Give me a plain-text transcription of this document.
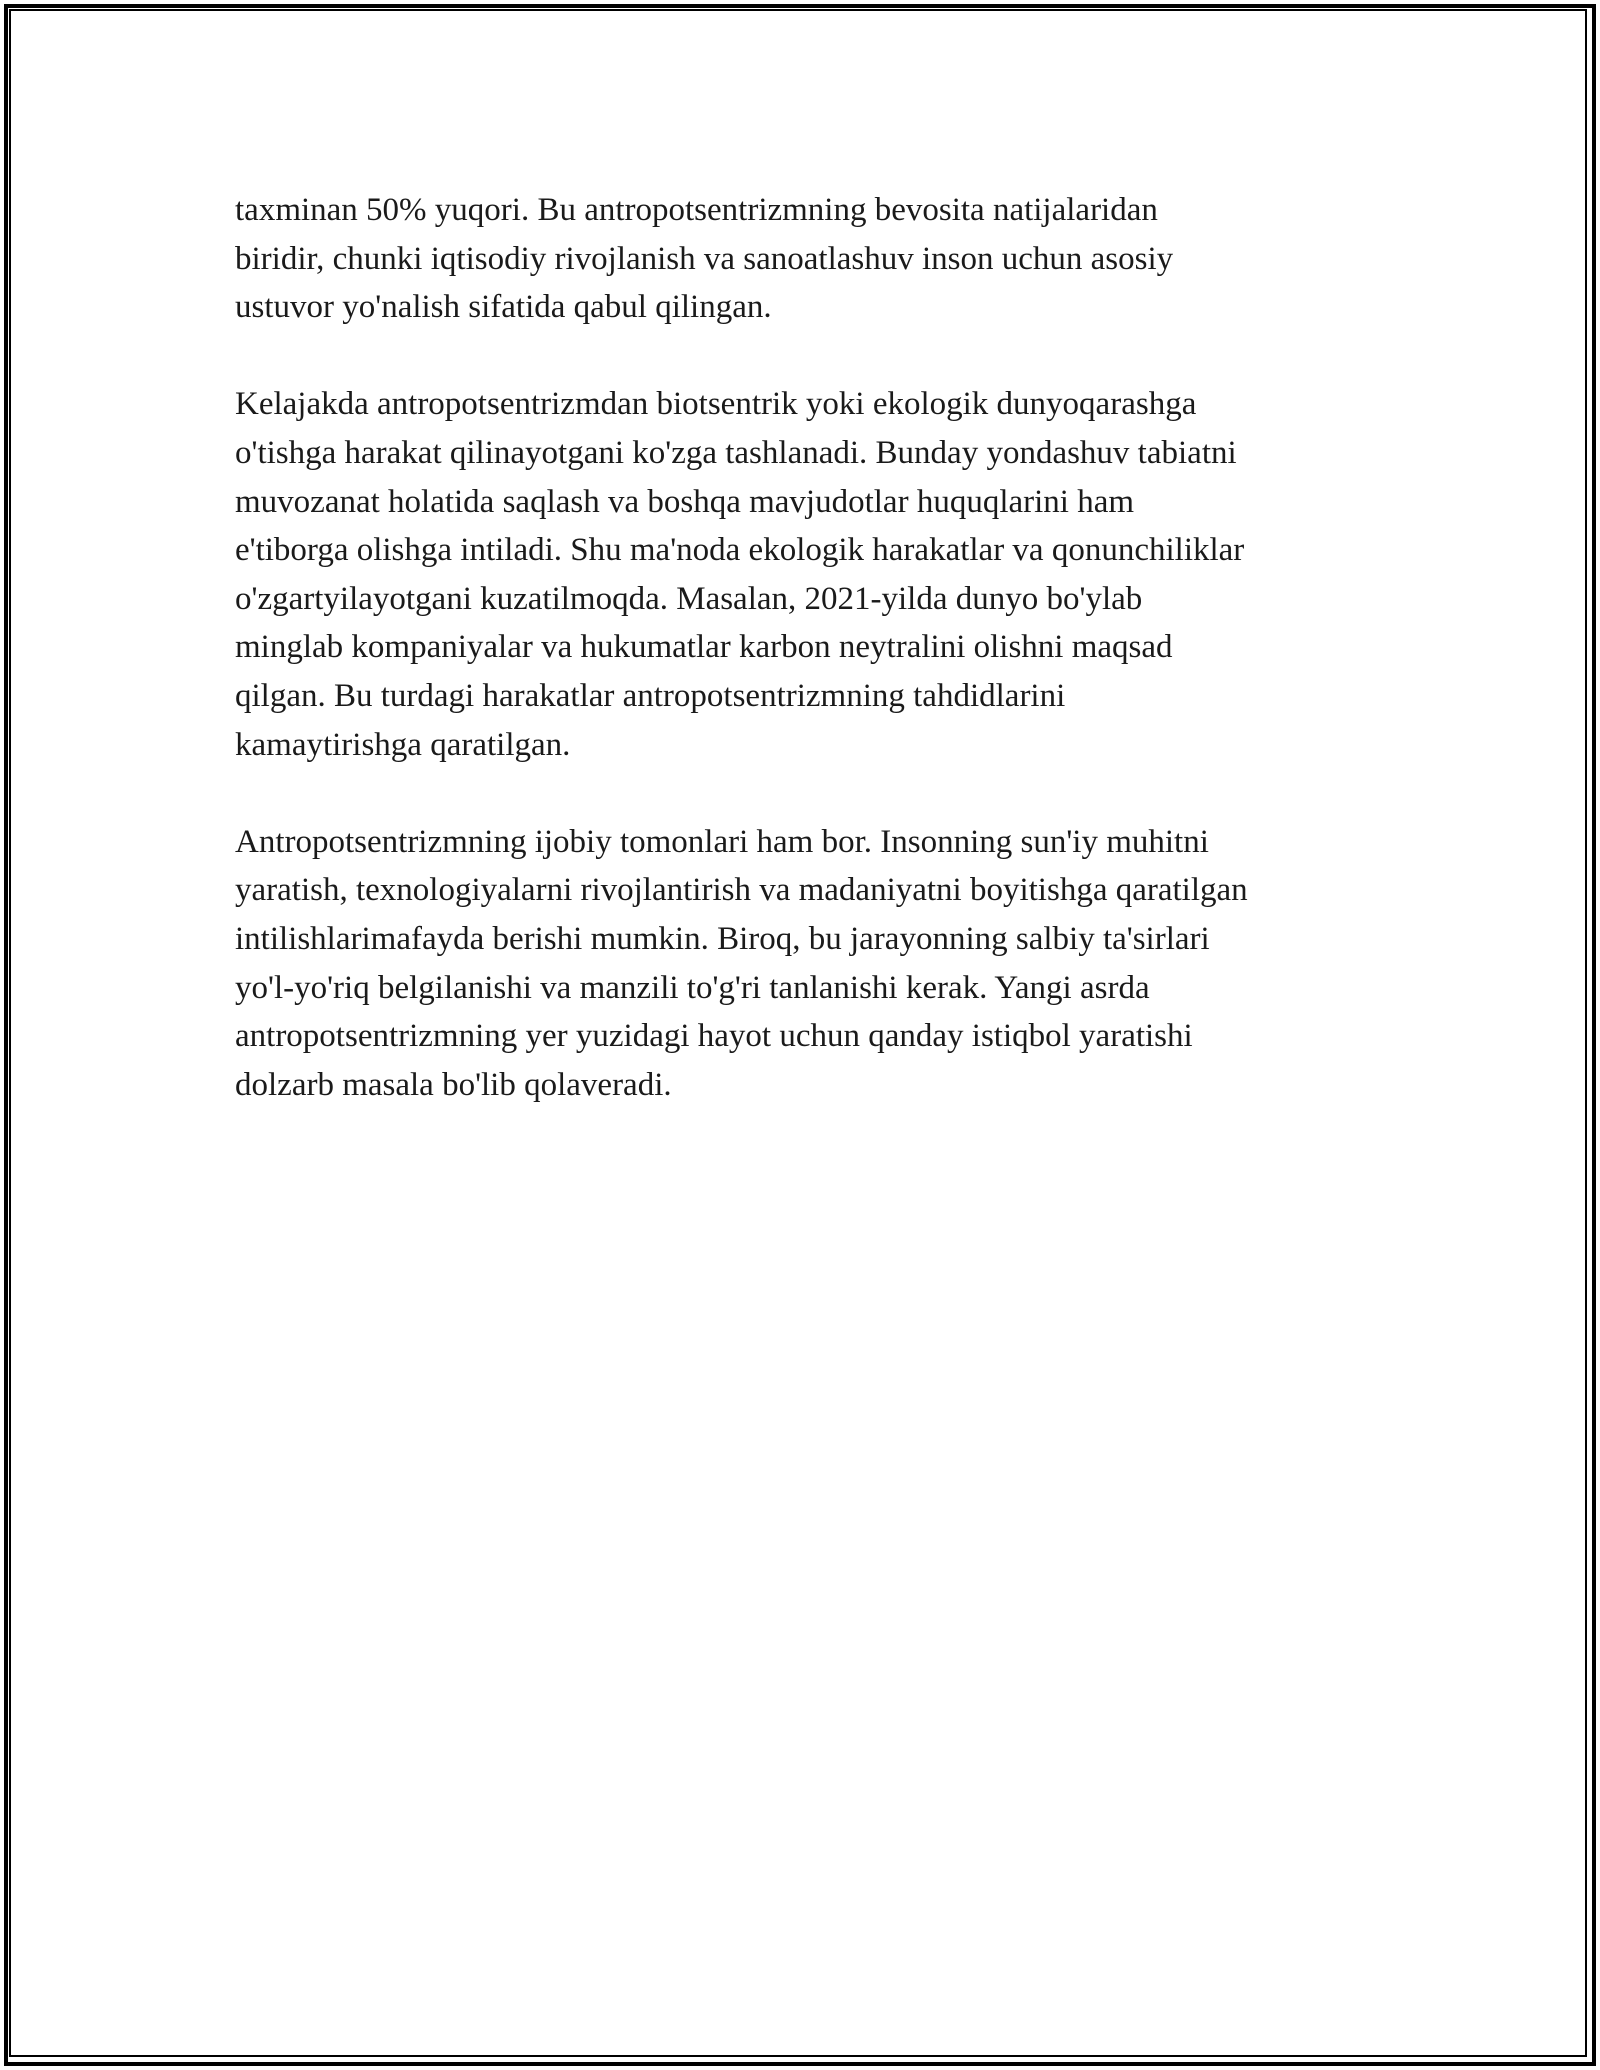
taxminan 50% yuqori. Bu antropotsentrizmning bevosita natijalaridan
biridir, chunki iqtisodiy rivojlanish va sanoatlashuv inson uchun asosiy
ustuvor yo'nalish sifatida qabul qilingan.
Kelajakda antropotsentrizmdan biotsentrik yoki ekologik dunyoqarashga
o'tishga harakat qilinayotgani ko'zga tashlanadi. Bunday yondashuv tabiatni
muvozanat holatida saqlash va boshqa mavjudotlar huquqlarini ham
e'tiborga olishga intiladi. Shu ma'noda ekologik harakatlar va qonunchiliklar
o'zgartyilayotgani kuzatilmoqda. Masalan, 2021-yilda dunyo bo'ylab
minglab kompaniyalar va hukumatlar karbon neytralini olishni maqsad
qilgan. Bu turdagi harakatlar antropotsentrizmning tahdidlarini
kamaytirishga qaratilgan.
Antropotsentrizmning ijobiy tomonlari ham bor. Insonning sun'iy muhitni
yaratish, texnologiyalarni rivojlantirish va madaniyatni boyitishga qaratilgan
intilishlarimafayda berishi mumkin. Biroq, bu jarayonning salbiy ta'sirlari
yo'l-yo'riq belgilanishi va manzili to'g'ri tanlanishi kerak. Yangi asrda
antropotsentrizmning yer yuzidagi hayot uchun qanday istiqbol yaratishi
dolzarb masala bo'lib qolaveradi.
